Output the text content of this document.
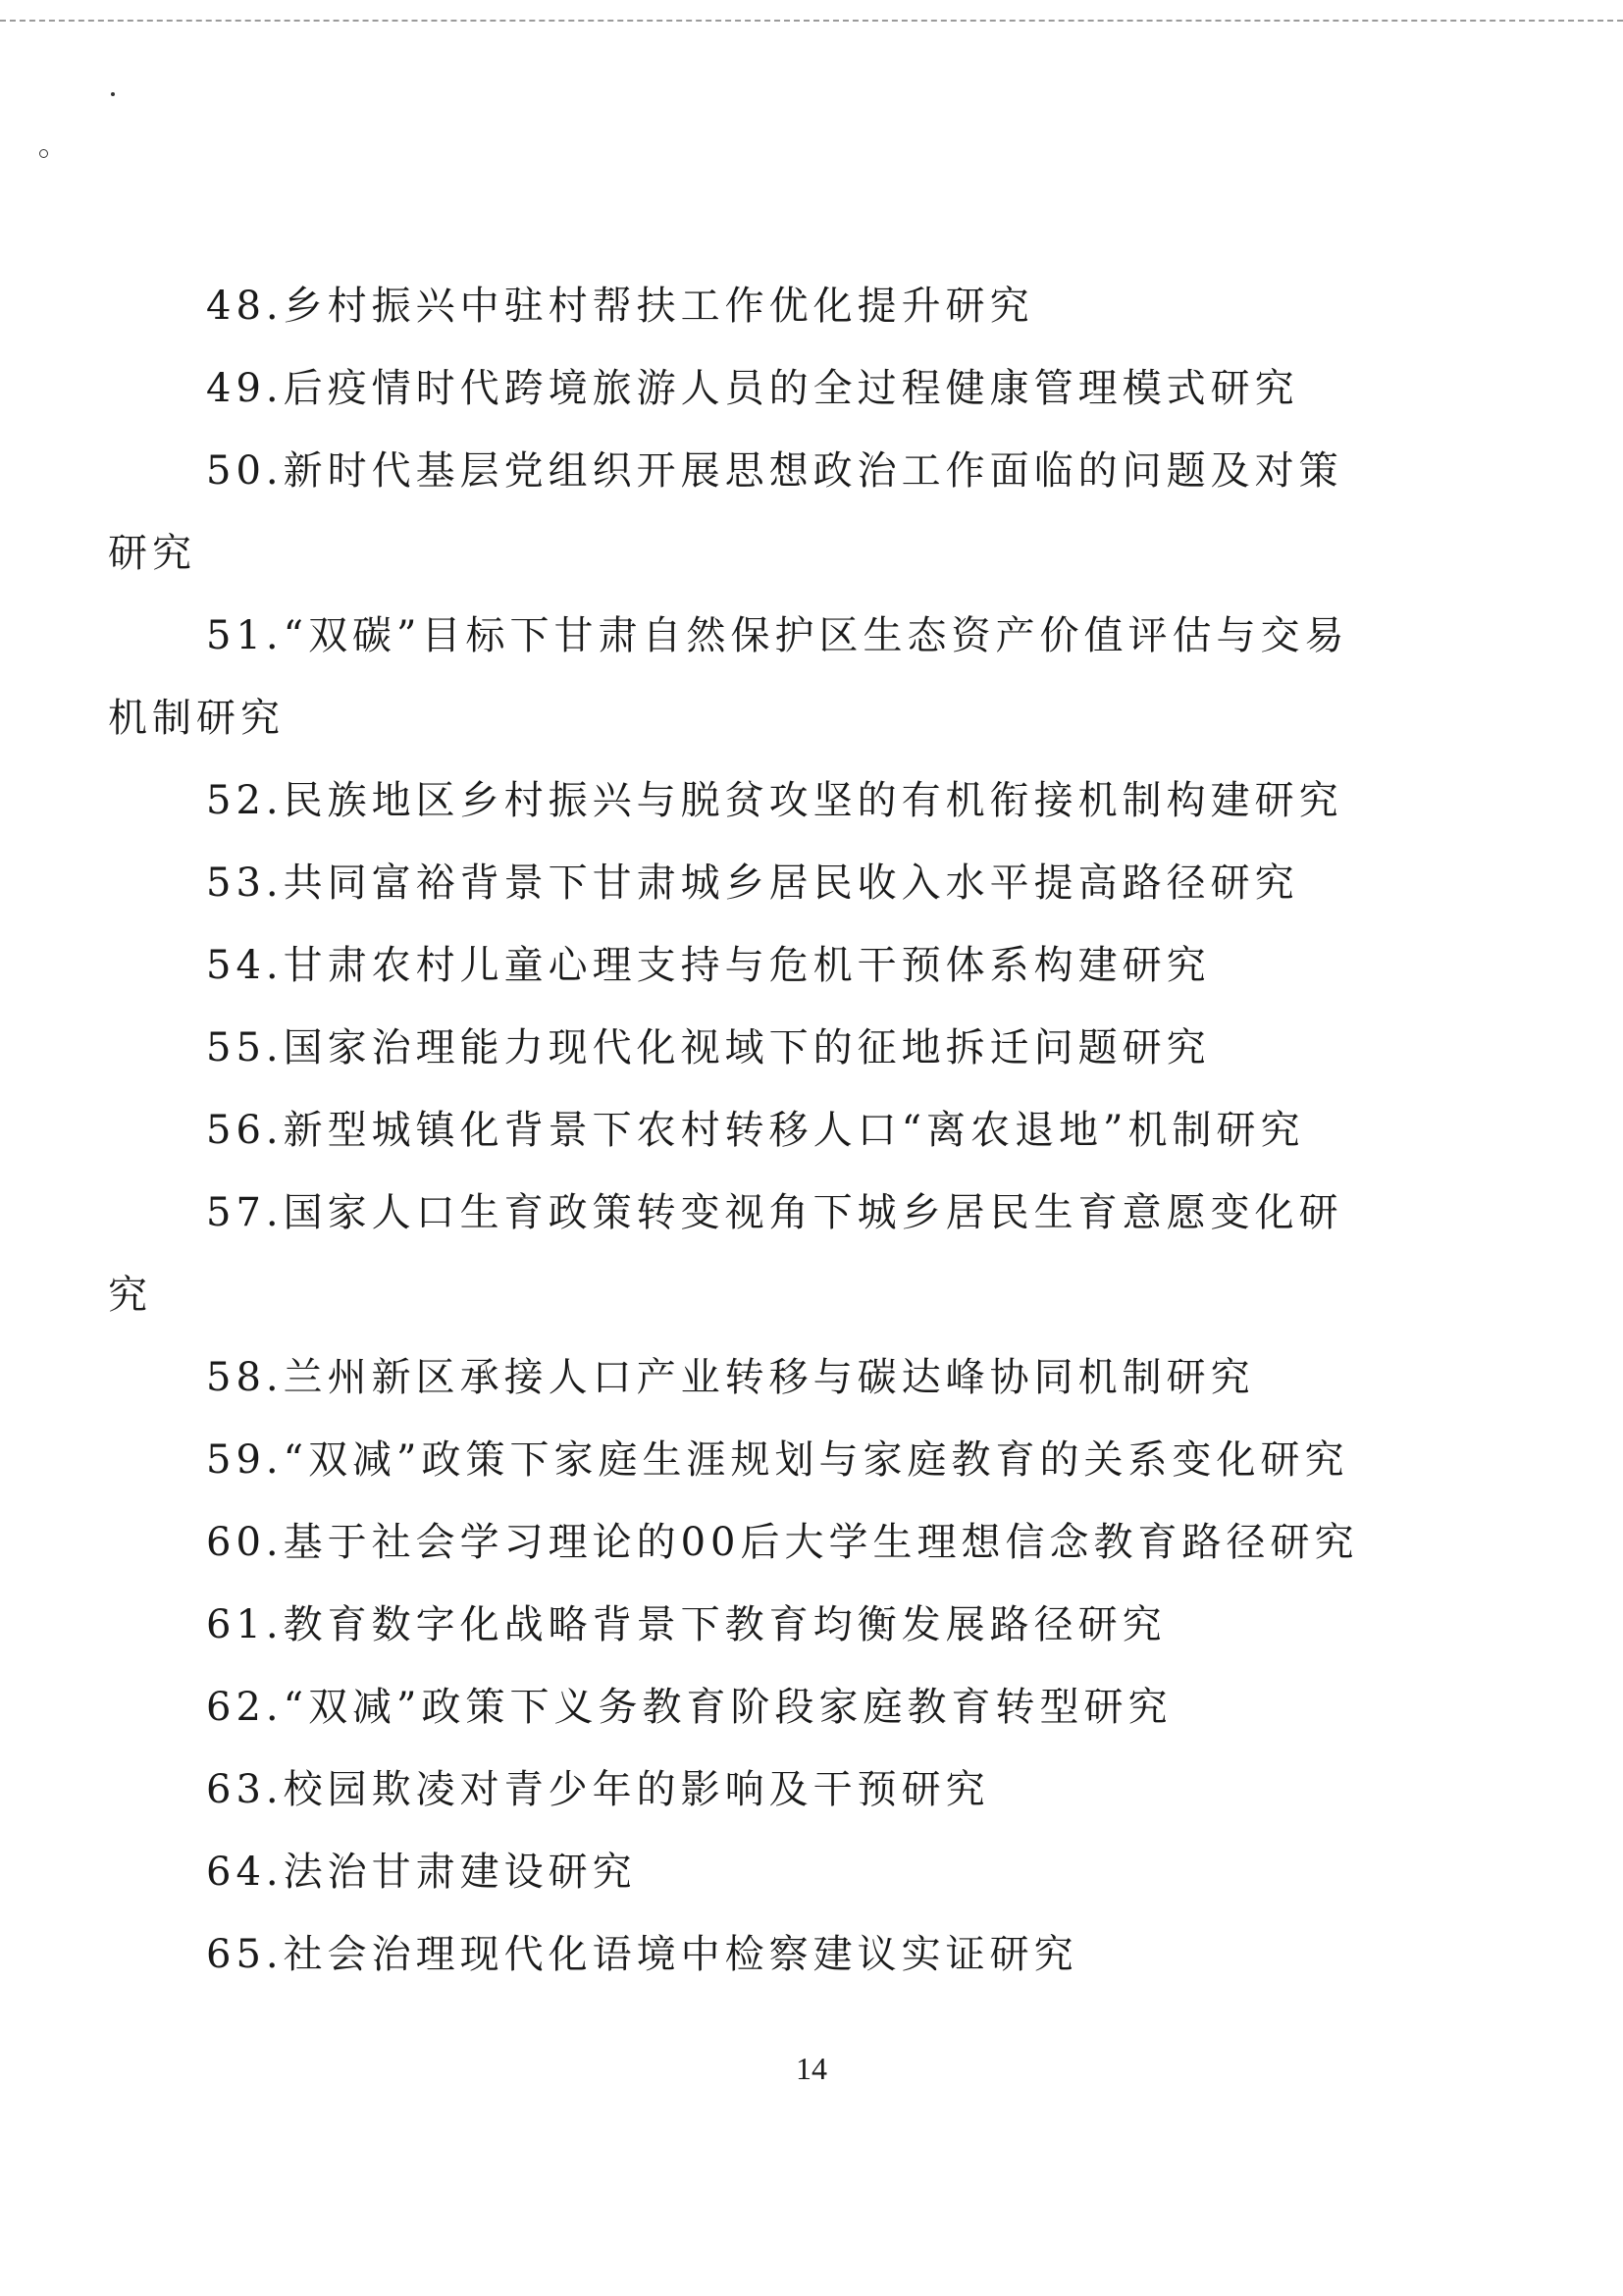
48.乡村振兴中驻村帮扶工作优化提升研究
49.后疫情时代跨境旅游人员的全过程健康管理模式研究
50.新时代基层党组织开展思想政治工作面临的问题及对策
研究
51.“双碳”目标下甘肃自然保护区生态资产价值评估与交易
机制研究
52.民族地区乡村振兴与脱贫攻坚的有机衔接机制构建研究
53.共同富裕背景下甘肃城乡居民收入水平提高路径研究
54.甘肃农村儿童心理支持与危机干预体系构建研究
55.国家治理能力现代化视域下的征地拆迁问题研究
56.新型城镇化背景下农村转移人口“离农退地”机制研究
57.国家人口生育政策转变视角下城乡居民生育意愿变化研
究
58.兰州新区承接人口产业转移与碳达峰协同机制研究
59.“双减”政策下家庭生涯规划与家庭教育的关系变化研究
60.基于社会学习理论的00后大学生理想信念教育路径研究
61.教育数字化战略背景下教育均衡发展路径研究
62.“双减”政策下义务教育阶段家庭教育转型研究
63.校园欺凌对青少年的影响及干预研究
64.法治甘肃建设研究
65.社会治理现代化语境中检察建议实证研究
14
